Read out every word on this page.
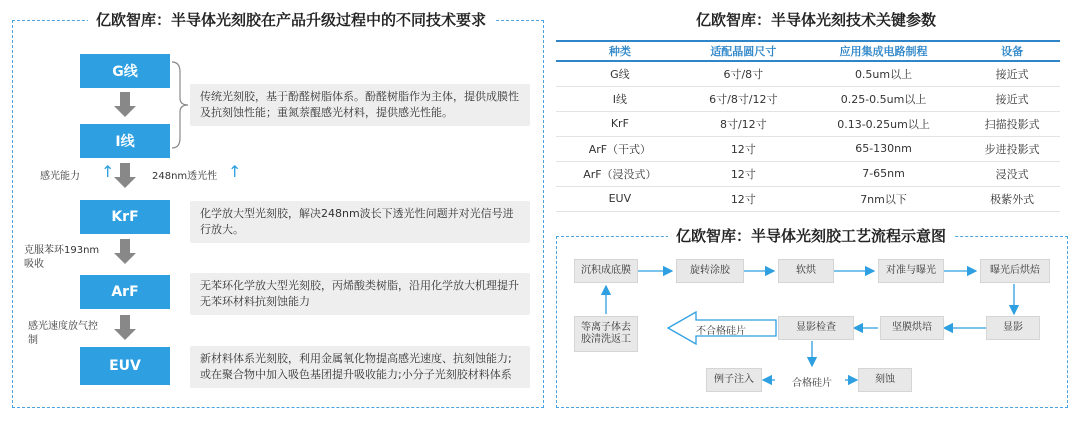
亿欧智库：半导体光刻胶在产品升级过程中的不同技术要求
G线
I线
KrF
ArF
EUV
传统光刻胶，基于酚醛树脂体系。酚醛树脂作为主体，提供成膜性及抗刻蚀性能；重氮萘醌感光材料，提供感光性能。
化学放大型光刻胶，解决248nm波长下透光性问题并对光信号进行放大。
无苯环化学放大型光刻胶，丙烯酸类树脂，沿用化学放大机理提升无苯环材料抗刻蚀能力
新材料体系光刻胶，利用金属氧化物提高感光速度、抗刻蚀能力;或在聚合物中加入吸色基团提升吸收能力;小分子光刻胶材料体系
感光能力 ↑	248nm透光性 ↑
克服苯环193nm吸收
感光速度放气控制
亿欧智库：半导体光刻技术关键参数
种类	适配晶圆尺寸	应用集成电路制程	设备
G线	6寸/8寸	0.5um以上	接近式
I线	6寸/8寸/12寸	0.25-0.5um以上	接近式
KrF	8寸/12寸	0.13-0.25um以上	扫描投影式
ArF（干式）	12寸	65-130nm	步进投影式
ArF（浸没式）	12寸	7-65nm	浸没式
EUV	12寸	7nm以下	极紫外式
亿欧智库：半导体光刻胶工艺流程示意图
沉积成底膜	旋转涂胶	软烘	对准与曝光	曝光后烘焙
显影
坚膜烘培
显影检查
不合格硅片
等离子体去胶清洗返工
例子注入	合格硅片	刻蚀
